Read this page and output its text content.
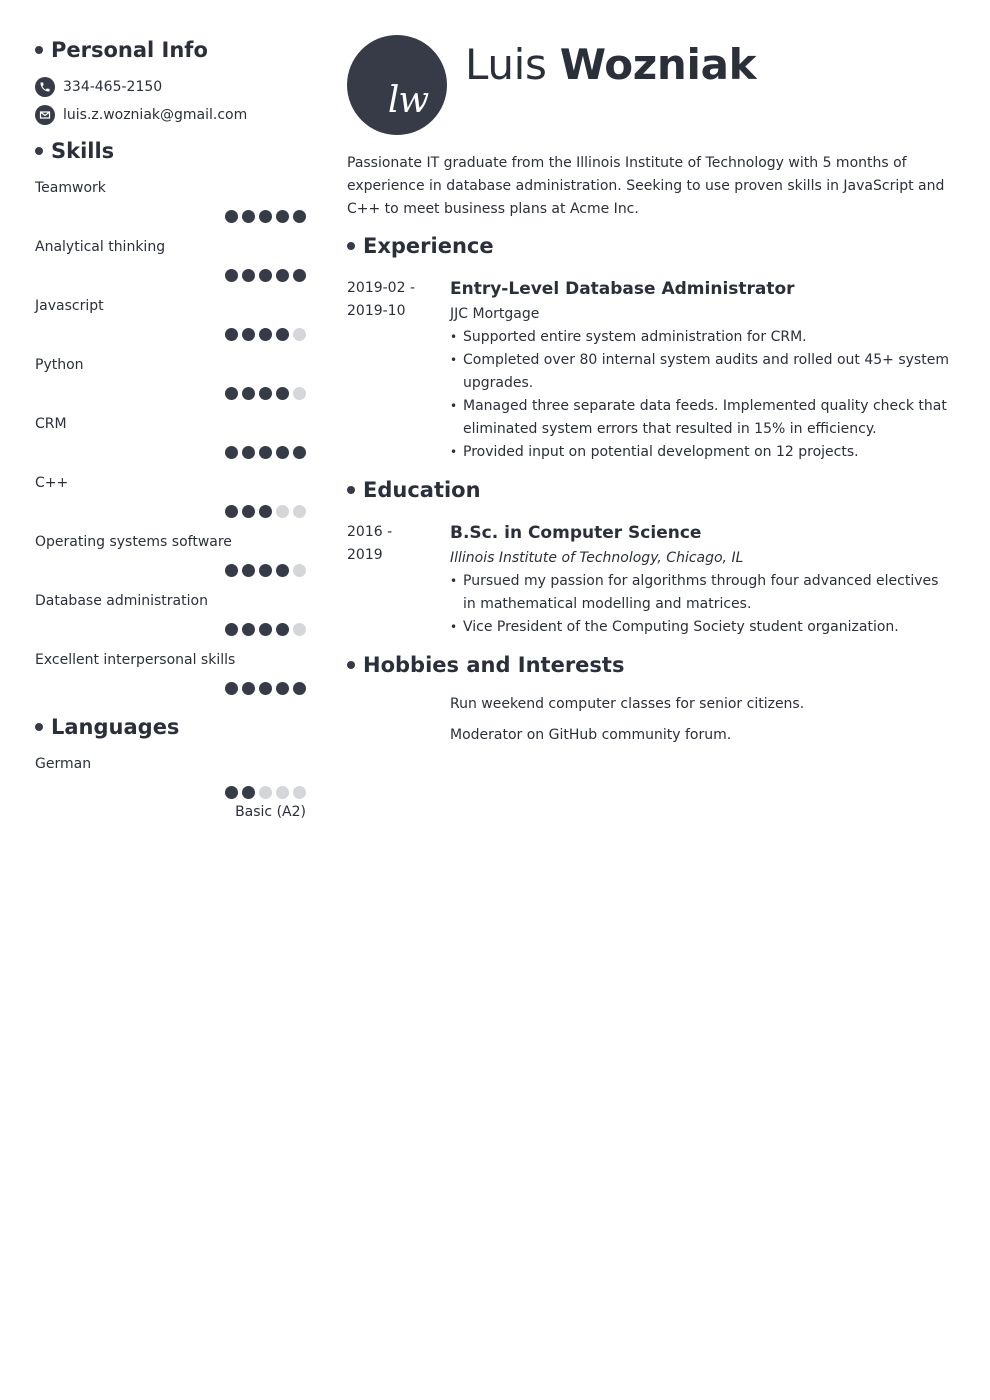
Personal Info
334-465-2150
luis.z.wozniak@gmail.com
Skills
Teamwork
Analytical thinking
Javascript
Python
CRM
C++
Operating systems software
Database administration
Excellent interpersonal skills
Languages
German
Basic (A2)
lw
Luis Wozniak
Passionate IT graduate from the Illinois Institute of Technology with 5 months of experience in database administration. Seeking to use proven skills in JavaScript and C++ to meet business plans at Acme Inc.
Experience
2019-02 -
2019-10
Entry-Level Database Administrator
JJC Mortgage
• Supported entire system administration for CRM.
• Completed over 80 internal system audits and rolled out 45+ system upgrades.
• Managed three separate data feeds. Implemented quality check that eliminated system errors that resulted in 15% in efficiency.
• Provided input on potential development on 12 projects.
Education
2016 -
2019
B.Sc. in Computer Science
Illinois Institute of Technology, Chicago, IL
• Pursued my passion for algorithms through four advanced electives in mathematical modelling and matrices.
• Vice President of the Computing Society student organization.
Hobbies and Interests
Run weekend computer classes for senior citizens.
Moderator on GitHub community forum.
